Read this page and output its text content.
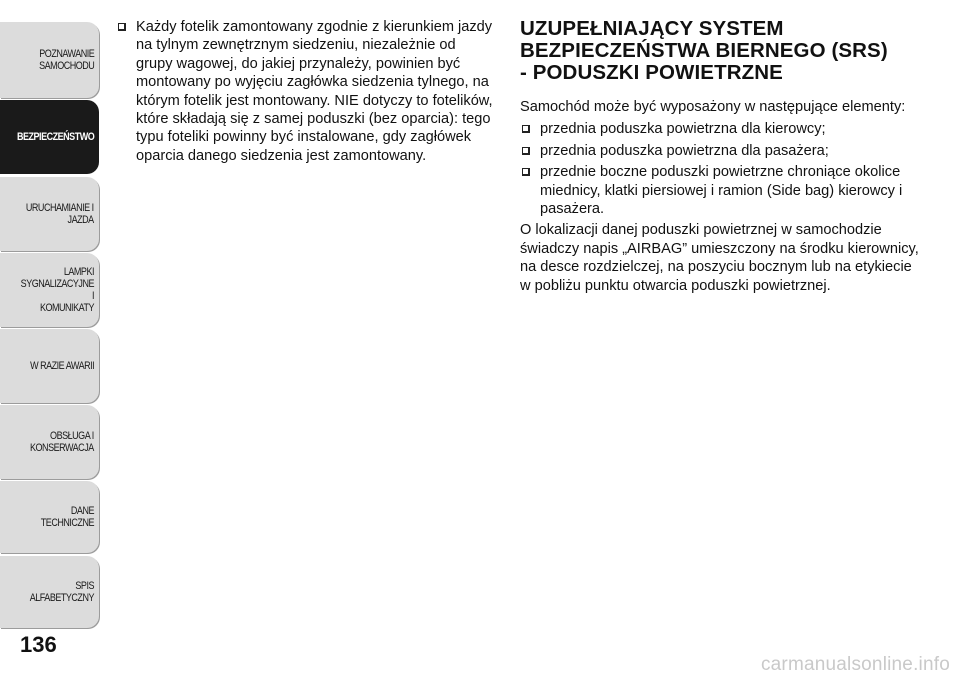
POZNAWANIE
SAMOCHODU
BEZPIECZEŃSTWO
URUCHAMIANIE I
JAZDA
LAMPKI
SYGNALIZACYJNE I
KOMUNIKATY
W RAZIE AWARII
OBSŁUGA I
KONSERWACJA
DANE TECHNICZNE
SPIS ALFABETYCZNY
136
Każdy fotelik zamontowany zgodnie z kierunkiem jazdy na tylnym zewnętrznym siedzeniu, niezależnie od grupy wagowej, do jakiej przynależy, powinien być montowany po wyjęciu zagłówka siedzenia tylnego, na którym fotelik jest montowany. NIE dotyczy to fotelików, które składają się z samej poduszki (bez oparcia): tego typu foteliki powinny być instalowane, gdy zagłówek oparcia danego siedzenia jest zamontowany.
UZUPEŁNIAJĄCY SYSTEM
BEZPIECZEŃSTWA BIERNEGO (SRS)
- PODUSZKI POWIETRZNE

Samochód może być wyposażony w następujące elementy:

przednia poduszka powietrzna dla kierowcy;
przednia poduszka powietrzna dla pasażera;
przednie boczne poduszki powietrzne chroniące okolice miednicy, klatki piersiowej i ramion (Side bag) kierowcy i pasażera.

O lokalizacji danej poduszki powietrznej w samochodzie świadczy napis „AIRBAG” umieszczony na środku kierownicy, na desce rozdzielczej, na poszyciu bocznym lub na etykiecie w pobliżu punktu otwarcia poduszki powietrznej.

carmanualsonline.info
